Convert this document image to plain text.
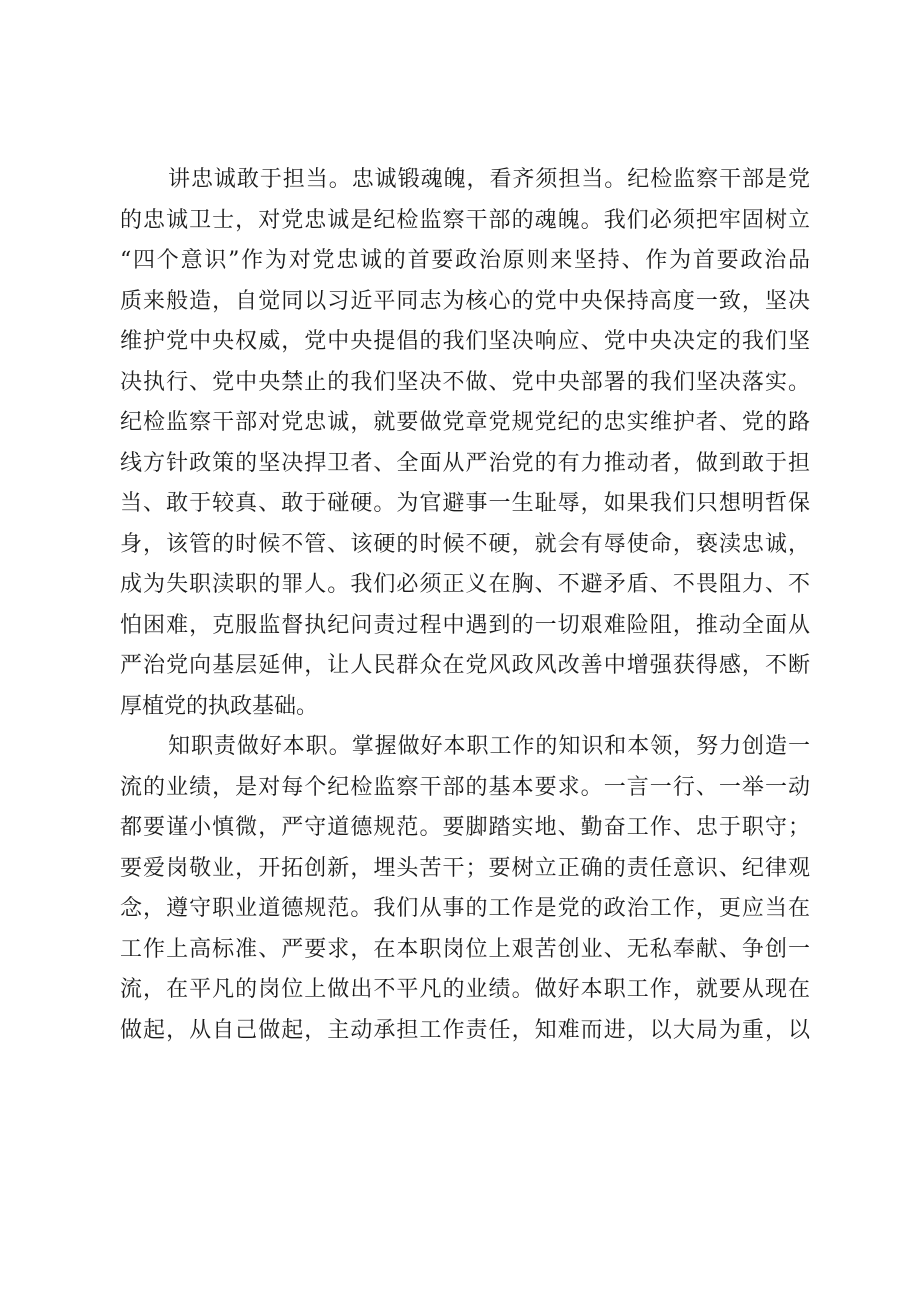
讲忠诚敢于担当。忠诚锻魂魄，看齐须担当。纪检监察干部是党
的忠诚卫士，对党忠诚是纪检监察干部的魂魄。我们必须把牢固树立
“四个意识”作为对党忠诚的首要政治原则来坚持、作为首要政治品
质来般造，自觉同以习近平同志为核心的党中央保持高度一致，坚决
维护党中央权威，党中央提倡的我们坚决响应、党中央决定的我们坚
决执行、党中央禁止的我们坚决不做、党中央部署的我们坚决落实。
纪检监察干部对党忠诚，就要做党章党规党纪的忠实维护者、党的路
线方针政策的坚决捍卫者、全面从严治党的有力推动者，做到敢于担
当、敢于较真、敢于碰硬。为官避事一生耻辱，如果我们只想明哲保
身，该管的时候不管、该硬的时候不硬，就会有辱使命，亵渎忠诚，
成为失职渎职的罪人。我们必须正义在胸、不避矛盾、不畏阻力、不
怕困难，克服监督执纪问责过程中遇到的一切艰难险阻，推动全面从
严治党向基层延伸，让人民群众在党风政风改善中增强获得感，不断
厚植党的执政基础。
知职责做好本职。掌握做好本职工作的知识和本领，努力创造一
流的业绩，是对每个纪检监察干部的基本要求。一言一行、一举一动
都要谨小慎微，严守道德规范。要脚踏实地、勤奋工作、忠于职守；
要爱岗敬业，开拓创新，埋头苦干；要树立正确的责任意识、纪律观
念，遵守职业道德规范。我们从事的工作是党的政治工作，更应当在
工作上高标准、严要求，在本职岗位上艰苦创业、无私奉献、争创一
流，在平凡的岗位上做出不平凡的业绩。做好本职工作，就要从现在
做起，从自己做起，主动承担工作责任，知难而进，以大局为重，以
